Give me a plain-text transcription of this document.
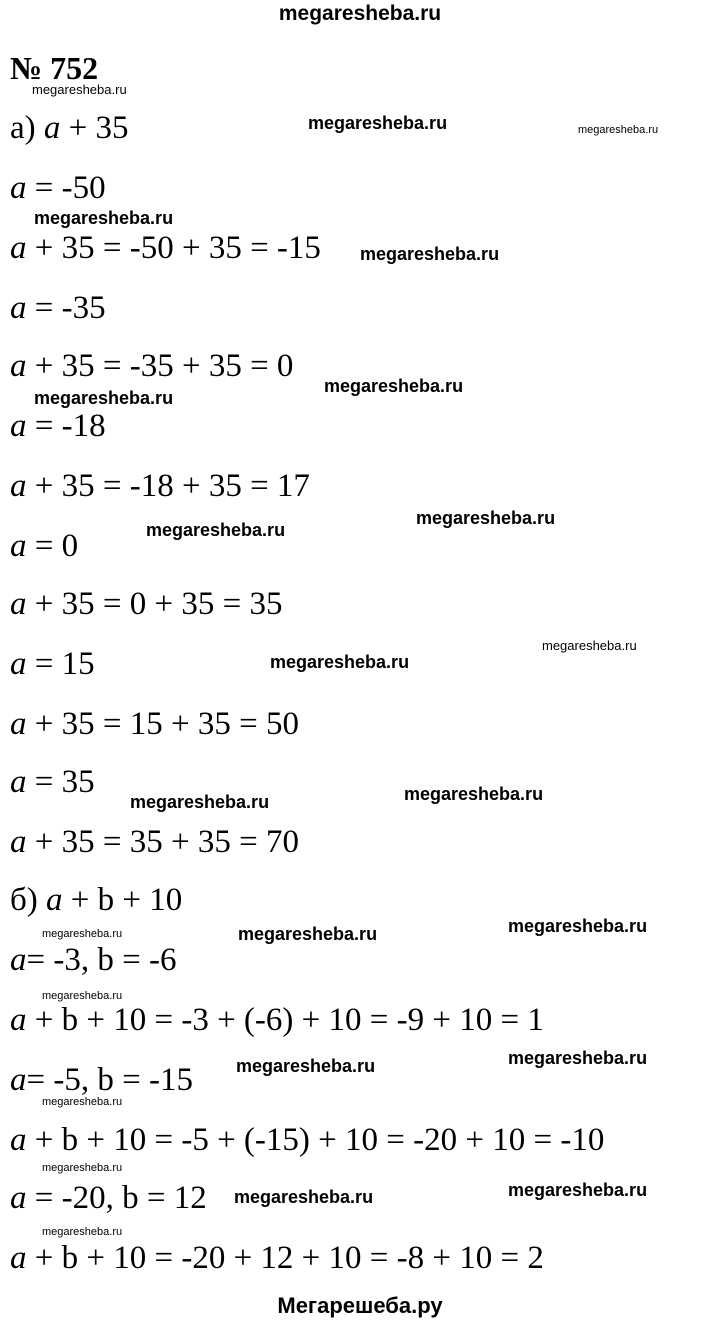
megaresheba.ru
№ 752
megaresheba.ru
а) a + 35
a = -50
a + 35 = -50 + 35 = -15
a = -35
a + 35 = -35 + 35 = 0
a = -18
a + 35 = -18 + 35 = 17
a = 0
a + 35 = 0 + 35 = 35
a = 15
a + 35 = 15 + 35 = 50
a = 35
a + 35 = 35 + 35 = 70
б) a + b + 10
a= -3, b = -6
a + b + 10 = -3 + (-6) + 10 = -9 + 10 = 1
a= -5, b = -15
a + b + 10 = -5 + (-15) + 10 = -20 + 10 = -10
a = -20, b = 12
a + b + 10 = -20 + 12 + 10 = -8 + 10 = 2
megaresheba.ru	megaresheba.ru
megaresheba.ru
megaresheba.ru
megaresheba.ru
megaresheba.ru
megaresheba.ru
megaresheba.ru
megaresheba.ru
megaresheba.ru
megaresheba.ru
megaresheba.ru
megaresheba.ru
megaresheba.ru
megaresheba.ru
megaresheba.ru
megaresheba.ru
megaresheba.ru
megaresheba.ru
megaresheba.ru
megaresheba.ru
megaresheba.ru
megaresheba.ru
Мегарешеба.ру
